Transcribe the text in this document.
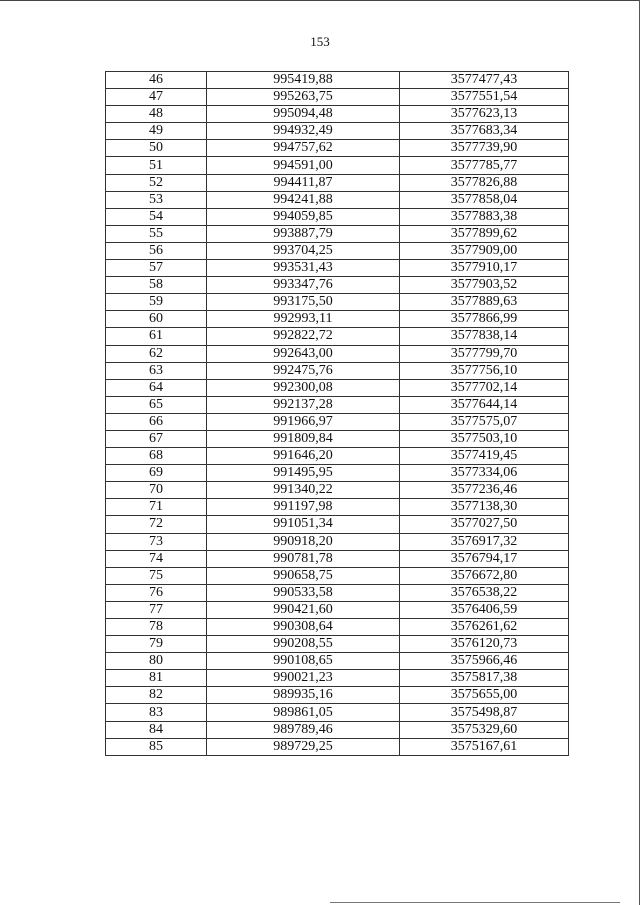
153
46	995419,88	3577477,43
47	995263,75	3577551,54
48	995094,48	3577623,13
49	994932,49	3577683,34
50	994757,62	3577739,90
51	994591,00	3577785,77
52	994411,87	3577826,88
53	994241,88	3577858,04
54	994059,85	3577883,38
55	993887,79	3577899,62
56	993704,25	3577909,00
57	993531,43	3577910,17
58	993347,76	3577903,52
59	993175,50	3577889,63
60	992993,11	3577866,99
61	992822,72	3577838,14
62	992643,00	3577799,70
63	992475,76	3577756,10
64	992300,08	3577702,14
65	992137,28	3577644,14
66	991966,97	3577575,07
67	991809,84	3577503,10
68	991646,20	3577419,45
69	991495,95	3577334,06
70	991340,22	3577236,46
71	991197,98	3577138,30
72	991051,34	3577027,50
73	990918,20	3576917,32
74	990781,78	3576794,17
75	990658,75	3576672,80
76	990533,58	3576538,22
77	990421,60	3576406,59
78	990308,64	3576261,62
79	990208,55	3576120,73
80	990108,65	3575966,46
81	990021,23	3575817,38
82	989935,16	3575655,00
83	989861,05	3575498,87
84	989789,46	3575329,60
85	989729,25	3575167,61
